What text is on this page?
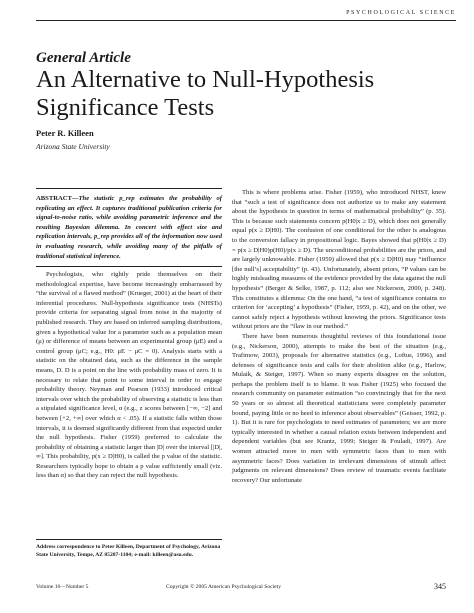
PSYCHOLOGICAL SCIENCE
General Article
An Alternative to Null-Hypothesis Significance Tests
Peter R. Killeen
Arizona State University

ABSTRACT—The statistic p_rep estimates the probability of replicating an effect. It captures traditional publication criteria for signal-to-noise ratio, while avoiding parametric inference and the resulting Bayesian dilemma. In concert with effect size and replication intervals, p_rep provides all of the information now used in evaluating research, while avoiding many of the pitfalls of traditional statistical inference.

Psychologists, who rightly pride themselves on their methodological expertise, have become increasingly embarrassed by “the survival of a flawed method” (Krueger, 2001) at the heart of their inferential procedures. Null-hypothesis significance tests (NHSTs) provide criteria for separating signal from noise in the majority of published research. They are based on inferred sampling distributions, given a hypothetical value for a parameter such as a population mean (μ) or difference of means between an experimental group (μE) and a control group (μC; e.g., H0: μE − μC = 0). Analysis starts with a statistic on the obtained data, such as the difference in the sample means, D. D is a point on the line with probability mass of zero. It is necessary to relate that point to some interval in order to engage probability theory. Neyman and Pearson (1933) introduced critical intervals over which the probability of observing a statistic is less than a stipulated significance level, α (e.g., z scores between [−∞, −2] and between [+2, +∞] over which α < .05). If a statistic falls within those intervals, it is deemed significantly different from that expected under the null hypothesis. Fisher (1959) preferred to calculate the probability of obtaining a statistic larger than |D| over the interval [|D|, ∞]. This probability, p(x ≥ D|H0), is called the p value of the statistic. Researchers typically hope to obtain a p value sufficiently small (viz. less than α) so that they can reject the null hypothesis.

This is where problems arise. Fisher (1959), who introduced NHST, knew that “such a test of significance does not authorize us to make any statement about the hypothesis in question in terms of mathematical probability” (p. 35). This is because such statements concern p(H0|x ≥ D), which does not generally equal p(x ≥ D|H0). The confusion of one conditional for the other is analogous to the conversion fallacy in propositional logic. Bayes showed that p(H0|x ≥ D) = p(x ≥ D|H0)p(H0)/p(x ≥ D). The unconditional probabilities are the priors, and are largely unknowable. Fisher (1959) allowed that p(x ≥ D|H0) may “influence [the null’s] acceptability” (p. 43). Unfortunately, absent priors, “P values can be highly misleading measures of the evidence provided by the data against the null hypothesis” (Berger & Selke, 1987, p. 112; also see Nickerson, 2000, p. 248). This constitutes a dilemma: On the one hand, “a test of significance contains no criterion for ‘accepting’ a hypothesis” (Fisher, 1959, p. 42), and on the other, we cannot safely reject a hypothesis without knowing the priors. Significance tests without priors are the “flaw in our method.”

There have been numerous thoughtful reviews of this foundational issue (e.g., Nickerson, 2000), attempts to make the best of the situation (e.g., Trafimow, 2003), proposals for alternative statistics (e.g., Loftus, 1996), and defenses of significance tests and calls for their abolition alike (e.g., Harlow, Mulaik, & Steiger, 1997). When so many experts disagree on the solution, perhaps the problem itself is to blame. It was Fisher (1925) who focused the research community on parameter estimation “so convincingly that for the next 50 years or so almost all theoretical statisticians were completely parameter bound, paying little or no heed to inference about observables” (Geisser, 1992, p. 1). But it is rare for psychologists to need estimates of parameters; we are more typically interested in whether a causal relation exists between independent and dependent variables (but see Krantz, 1999; Steiger & Fouladi, 1997). Are women attracted more to men with symmetric faces than to men with asymmetric faces? Does variation in irrelevant dimensions of stimuli affect judgments on relevant dimensions? Does review of traumatic events facilitate recovery? Our unfortunate

Address correspondence to Peter Killeen, Department of Psychology, Arizona State University, Tempe, AZ 85287-1104; e-mail: killeen@asu.edu.
Volume 16—Number 5	Copyright © 2005 American Psychological Society	345
